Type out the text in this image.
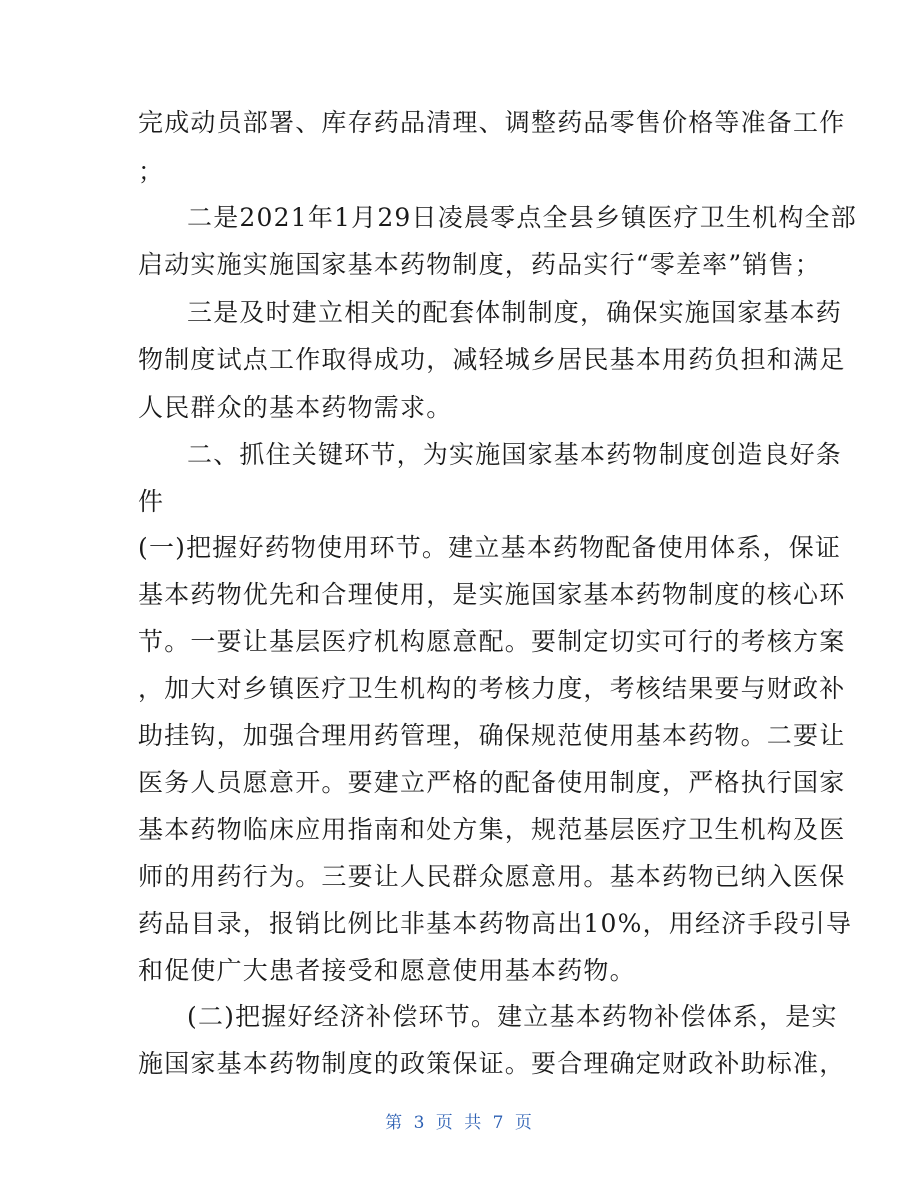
完成动员部署、库存药品清理、调整药品零售价格等准备工作
；
二是2021年1月29日凌晨零点全县乡镇医疗卫生机构全部
启动实施实施国家基本药物制度，药品实行“零差率”销售；
三是及时建立相关的配套体制制度，确保实施国家基本药
物制度试点工作取得成功，减轻城乡居民基本用药负担和满足
人民群众的基本药物需求。
二、抓住关键环节，为实施国家基本药物制度创造良好条
件
(一)把握好药物使用环节。建立基本药物配备使用体系，保证
基本药物优先和合理使用，是实施国家基本药物制度的核心环
节。一要让基层医疗机构愿意配。要制定切实可行的考核方案
，加大对乡镇医疗卫生机构的考核力度，考核结果要与财政补
助挂钩，加强合理用药管理，确保规范使用基本药物。二要让
医务人员愿意开。要建立严格的配备使用制度，严格执行国家
基本药物临床应用指南和处方集，规范基层医疗卫生机构及医
师的用药行为。三要让人民群众愿意用。基本药物已纳入医保
药品目录，报销比例比非基本药物高出10%，用经济手段引导
和促使广大患者接受和愿意使用基本药物。
(二)把握好经济补偿环节。建立基本药物补偿体系，是实
施国家基本药物制度的政策保证。要合理确定财政补助标准，
第 3 页 共 7 页
